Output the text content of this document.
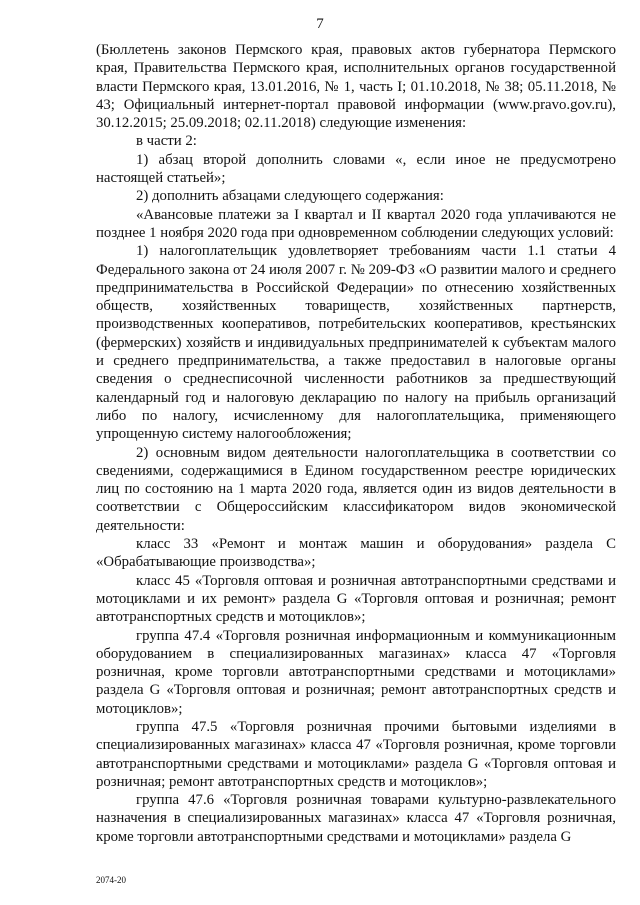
7

(Бюллетень законов Пермского края, правовых актов губернатора Пермского края, Правительства Пермского края, исполнительных органов государственной власти Пермского края, 13.01.2016, № 1, часть I; 01.10.2018, № 38; 05.11.2018, № 43; Официальный интернет-портал правовой информации (www.pravo.gov.ru), 30.12.2015; 25.09.2018; 02.11.2018) следующие изменения:

в части 2:

1) абзац второй дополнить словами «, если иное не предусмотрено настоящей статьей»;

2) дополнить абзацами следующего содержания:

«Авансовые платежи за I квартал и II квартал 2020 года уплачиваются не позднее 1 ноября 2020 года при одновременном соблюдении следующих условий:

1) налогоплательщик удовлетворяет требованиям части 1.1 статьи 4 Федерального закона от 24 июля 2007 г. № 209-ФЗ «О развитии малого и среднего предпринимательства в Российской Федерации» по отнесению хозяйственных обществ, хозяйственных товариществ, хозяйственных партнерств, производственных кооперативов, потребительских кооперативов, крестьянских (фермерских) хозяйств и индивидуальных предпринимателей к субъектам малого и среднего предпринимательства, а также предоставил в налоговые органы сведения о среднесписочной численности работников за предшествующий календарный год и налоговую декларацию по налогу на прибыль организаций либо по налогу, исчисленному для налогоплательщика, применяющего упрощенную систему налогообложения;

2) основным видом деятельности налогоплательщика в соответствии со сведениями, содержащимися в Едином государственном реестре юридических лиц по состоянию на 1 марта 2020 года, является один из видов деятельности в соответствии с Общероссийским классификатором видов экономической деятельности:

класс 33 «Ремонт и монтаж машин и оборудования» раздела C «Обрабатывающие производства»;

класс 45 «Торговля оптовая и розничная автотранспортными средствами и мотоциклами и их ремонт» раздела G «Торговля оптовая и розничная; ремонт автотранспортных средств и мотоциклов»;

группа 47.4 «Торговля розничная информационным и коммуникационным оборудованием в специализированных магазинах» класса 47 «Торговля розничная, кроме торговли автотранспортными средствами и мотоциклами» раздела G «Торговля оптовая и розничная; ремонт автотранспортных средств и мотоциклов»;

группа 47.5 «Торговля розничная прочими бытовыми изделиями в специализированных магазинах» класса 47 «Торговля розничная, кроме торговли автотранспортными средствами и мотоциклами» раздела G «Торговля оптовая и розничная; ремонт автотранспортных средств и мотоциклов»;

группа 47.6 «Торговля розничная товарами культурно-развлекательного назначения в специализированных магазинах» класса 47 «Торговля розничная, кроме торговли автотранспортными средствами и мотоциклами» раздела G

2074-20
